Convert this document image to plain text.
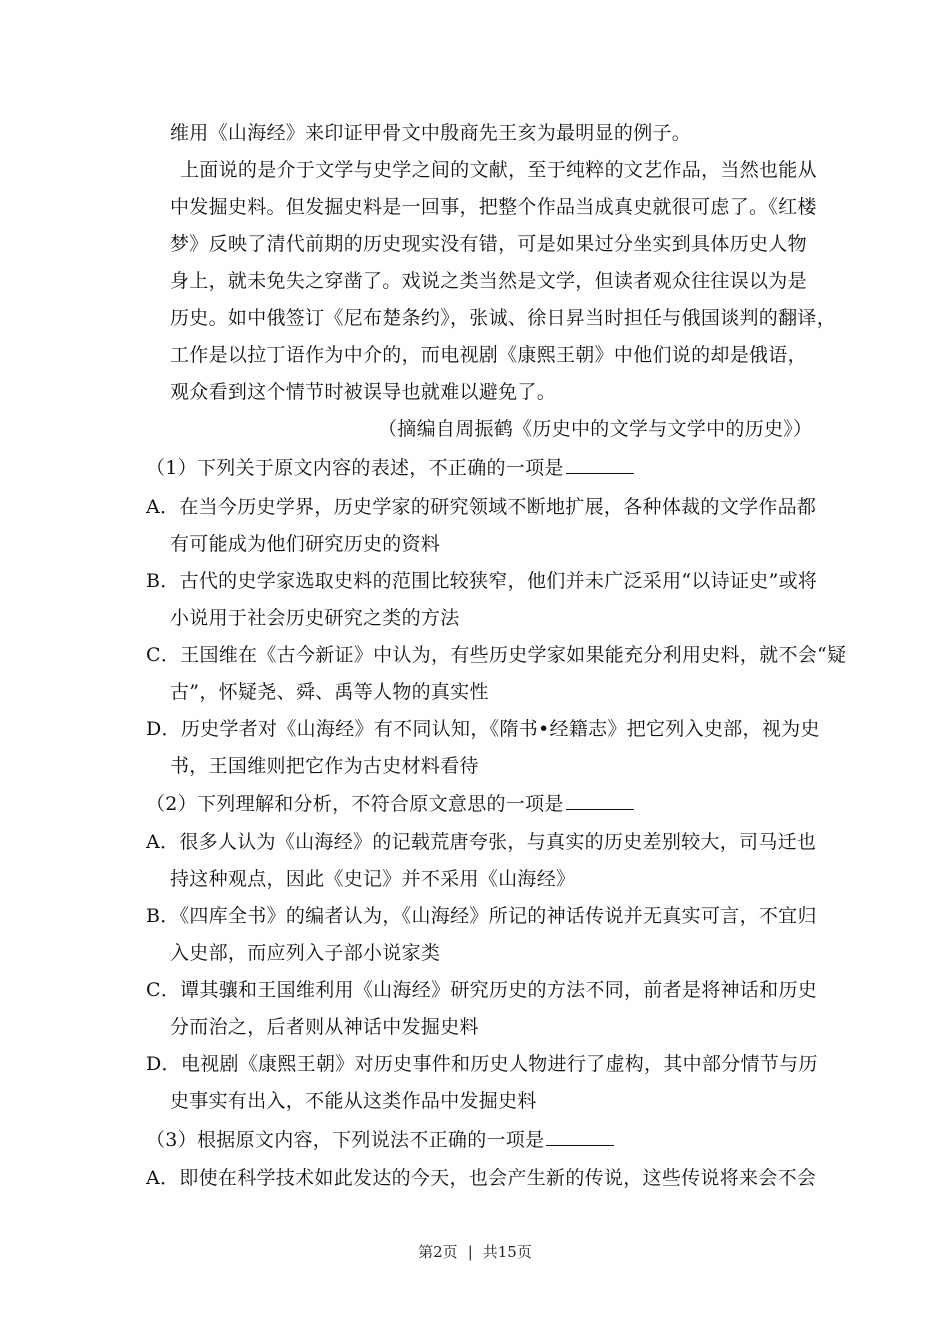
维用《山海经》来印证甲骨文中殷商先王亥为最明显的例子。
上面说的是介于文学与史学之间的文献，至于纯粹的文艺作品，当然也能从
中发掘史料。但发掘史料是一回事，把整个作品当成真史就很可虑了。《红楼
梦》反映了清代前期的历史现实没有错，可是如果过分坐实到具体历史人物
身上，就未免失之穿凿了。戏说之类当然是文学，但读者观众往往误以为是
历史。如中俄签订《尼布楚条约》，张诚、徐日昇当时担任与俄国谈判的翻译，
工作是以拉丁语作为中介的，而电视剧《康熙王朝》中他们说的却是俄语，
观众看到这个情节时被误导也就难以避免了。
（摘编自周振鹤《历史中的文学与文学中的历史》）
（1）下列关于原文内容的表述，不正确的一项是
A．在当今历史学界，历史学家的研究领域不断地扩展，各种体裁的文学作品都
有可能成为他们研究历史的资料
B．古代的史学家选取史料的范围比较狭窄，他们并未广泛采用“以诗证史”或将
小说用于社会历史研究之类的方法
C．王国维在《古今新证》中认为，有些历史学家如果能充分利用史料，就不会“疑
古”，怀疑尧、舜、禹等人物的真实性
D．历史学者对《山海经》有不同认知，《隋书•经籍志》把它列入史部，视为史
书，王国维则把它作为古史材料看待
（2）下列理解和分析，不符合原文意思的一项是
A．很多人认为《山海经》的记载荒唐夸张，与真实的历史差别较大，司马迁也
持这种观点，因此《史记》并不采用《山海经》
B．《四库全书》的编者认为，《山海经》所记的神话传说并无真实可言，不宜归
入史部，而应列入子部小说家类
C．谭其骧和王国维利用《山海经》研究历史的方法不同，前者是将神话和历史
分而治之，后者则从神话中发掘史料
D．电视剧《康熙王朝》对历史事件和历史人物进行了虚构，其中部分情节与历
史事实有出入，不能从这类作品中发掘史料
（3）根据原文内容，下列说法不正确的一项是
A．即使在科学技术如此发达的今天，也会产生新的传说，这些传说将来会不会
第2页 | 共15页
